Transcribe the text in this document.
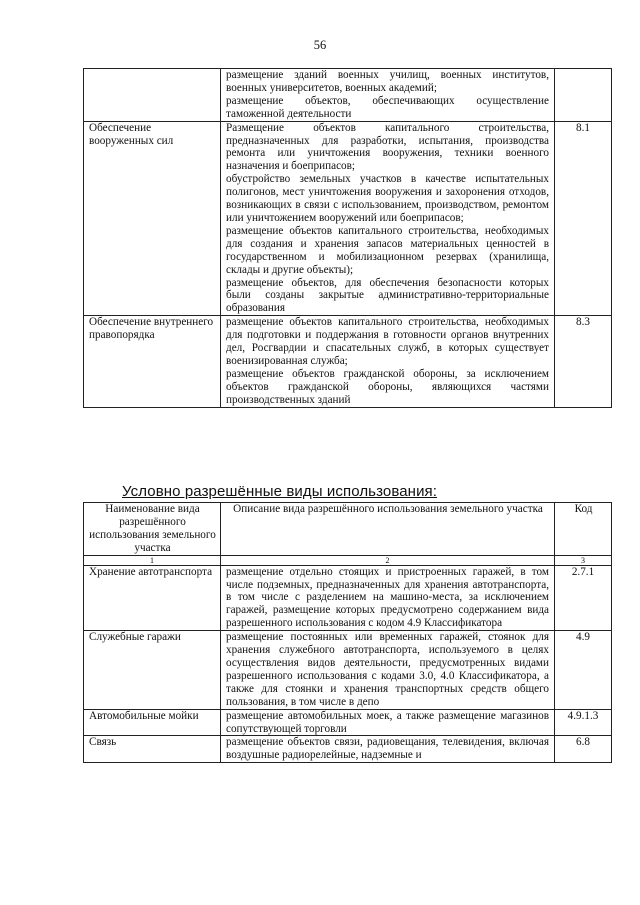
56

	размещение зданий военных училищ, военных институтов, военных университетов, военных академий;
размещение объектов, обеспечивающих осуществление таможенной деятельности	

Обеспечение вооруженных сил	Размещение объектов капитального строительства, предназначенных для разработки, испытания, производства ремонта или уничтожения вооружения, техники военного назначения и боеприпасов;
обустройство земельных участков в качестве испытательных полигонов, мест уничтожения вооружения и захоронения отходов, возникающих в связи с использованием, производством, ремонтом или уничтожением вооружений или боеприпасов;
размещение объектов капитального строительства, необходимых для создания и хранения запасов материальных ценностей в государственном и мобилизационном резервах (хранилища, склады и другие объекты);
размещение объектов, для обеспечения безопасности которых были созданы закрытые административно-территориальные образования	8.1
Обеспечение внутреннего правопорядка	размещение объектов капитального строительства, необходимых для подготовки и поддержания в готовности органов внутренних дел, Росгвардии и спасательных служб, в которых существует военизированная служба;
размещение объектов гражданской обороны, за исключением объектов гражданской обороны, являющихся частями производственных зданий	8.3
Условно разрешённые виды использования:
Наименование вида разрешённого использования земельного участка	Описание вида разрешённого использования земельного участка	Код
1	2	3
Хранение автотранспорта	размещение отдельно стоящих и пристроенных гаражей, в том числе подземных, предназначенных для хранения автотранспорта, в том числе с разделением на машино-места, за исключением гаражей, размещение которых предусмотрено содержанием вида разрешенного использования с кодом 4.9 Классификатора	2.7.1
Служебные гаражи	размещение постоянных или временных гаражей, стоянок для хранения служебного автотранспорта, используемого в целях осуществления видов деятельности, предусмотренных видами разрешенного использования с кодами 3.0, 4.0 Классификатора, а также для стоянки и хранения транспортных средств общего пользования, в том числе в депо	4.9
Автомобильные мойки	размещение автомобильных моек, а также размещение магазинов сопутствующей торговли	4.9.1.3
Связь	размещение объектов связи, радиовещания, телевидения, включая воздушные радиорелейные, надземные и	6.8
